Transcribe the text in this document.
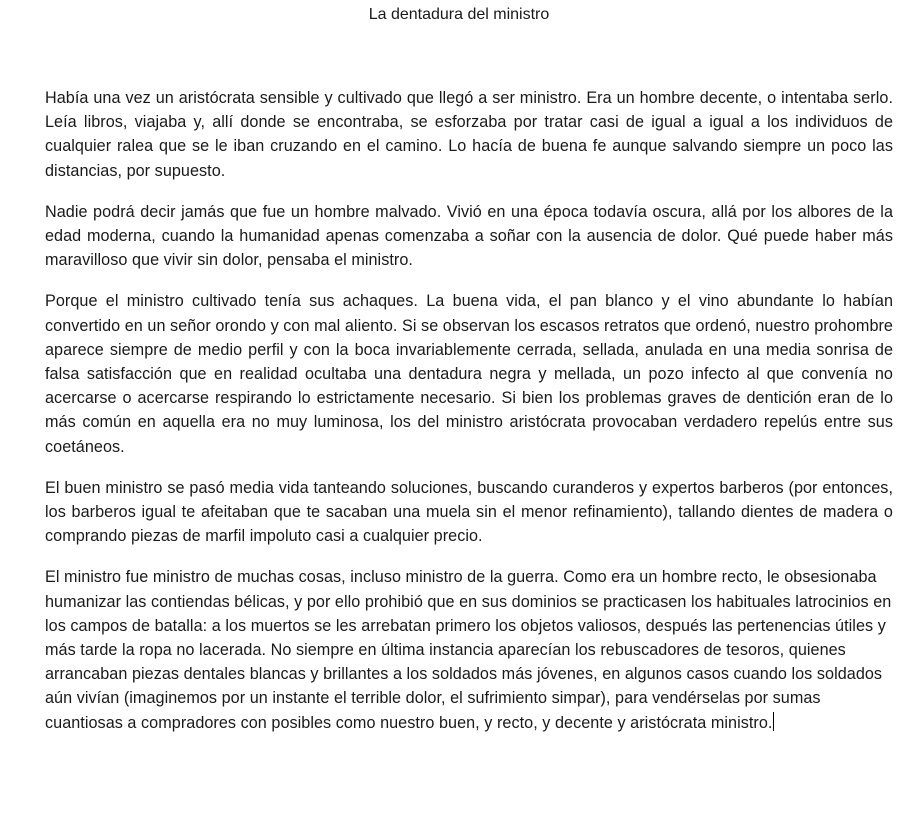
La dentadura del ministro

Había una vez un aristócrata sensible y cultivado que llegó a ser ministro. Era un hombre decente, o intentaba serlo. Leía libros, viajaba y, allí donde se encontraba, se esforzaba por tratar casi de igual a igual a los individuos de cualquier ralea que se le iban cruzando en el camino. Lo hacía de buena fe aunque salvando siempre un poco las distancias, por supuesto.

Nadie podrá decir jamás que fue un hombre malvado. Vivió en una época todavía oscura, allá por los albores de la edad moderna, cuando la humanidad apenas comenzaba a soñar con la ausencia de dolor. Qué puede haber más maravilloso que vivir sin dolor, pensaba el ministro.

Porque el ministro cultivado tenía sus achaques. La buena vida, el pan blanco y el vino abundante lo habían convertido en un señor orondo y con mal aliento. Si se observan los escasos retratos que ordenó, nuestro prohombre aparece siempre de medio perfil y con la boca invariablemente cerrada, sellada, anulada en una media sonrisa de falsa satisfacción que en realidad ocultaba una dentadura negra y mellada, un pozo infecto al que convenía no acercarse o acercarse respirando lo estrictamente necesario. Si bien los problemas graves de dentición eran de lo más común en aquella era no muy luminosa, los del ministro aristócrata provocaban verdadero repelús entre sus coetáneos.

El buen ministro se pasó media vida tanteando soluciones, buscando curanderos y expertos barberos (por entonces, los barberos igual te afeitaban que te sacaban una muela sin el menor refinamiento), tallando dientes de madera o comprando piezas de marfil impoluto casi a cualquier precio.

El ministro fue ministro de muchas cosas, incluso ministro de la guerra. Como era un hombre recto, le obsesionaba humanizar las contiendas bélicas, y por ello prohibió que en sus dominios se practicasen los habituales latrocinios en los campos de batalla: a los muertos se les arrebatan primero los objetos valiosos, después las pertenencias útiles y más tarde la ropa no lacerada. No siempre en última instancia aparecían los rebuscadores de tesoros, quienes arrancaban piezas dentales blancas y brillantes a los soldados más jóvenes, en algunos casos cuando los soldados aún vivían (imaginemos por un instante el terrible dolor, el sufrimiento simpar), para vendérselas por sumas cuantiosas a compradores con posibles como nuestro buen, y recto, y decente y aristócrata ministro.
